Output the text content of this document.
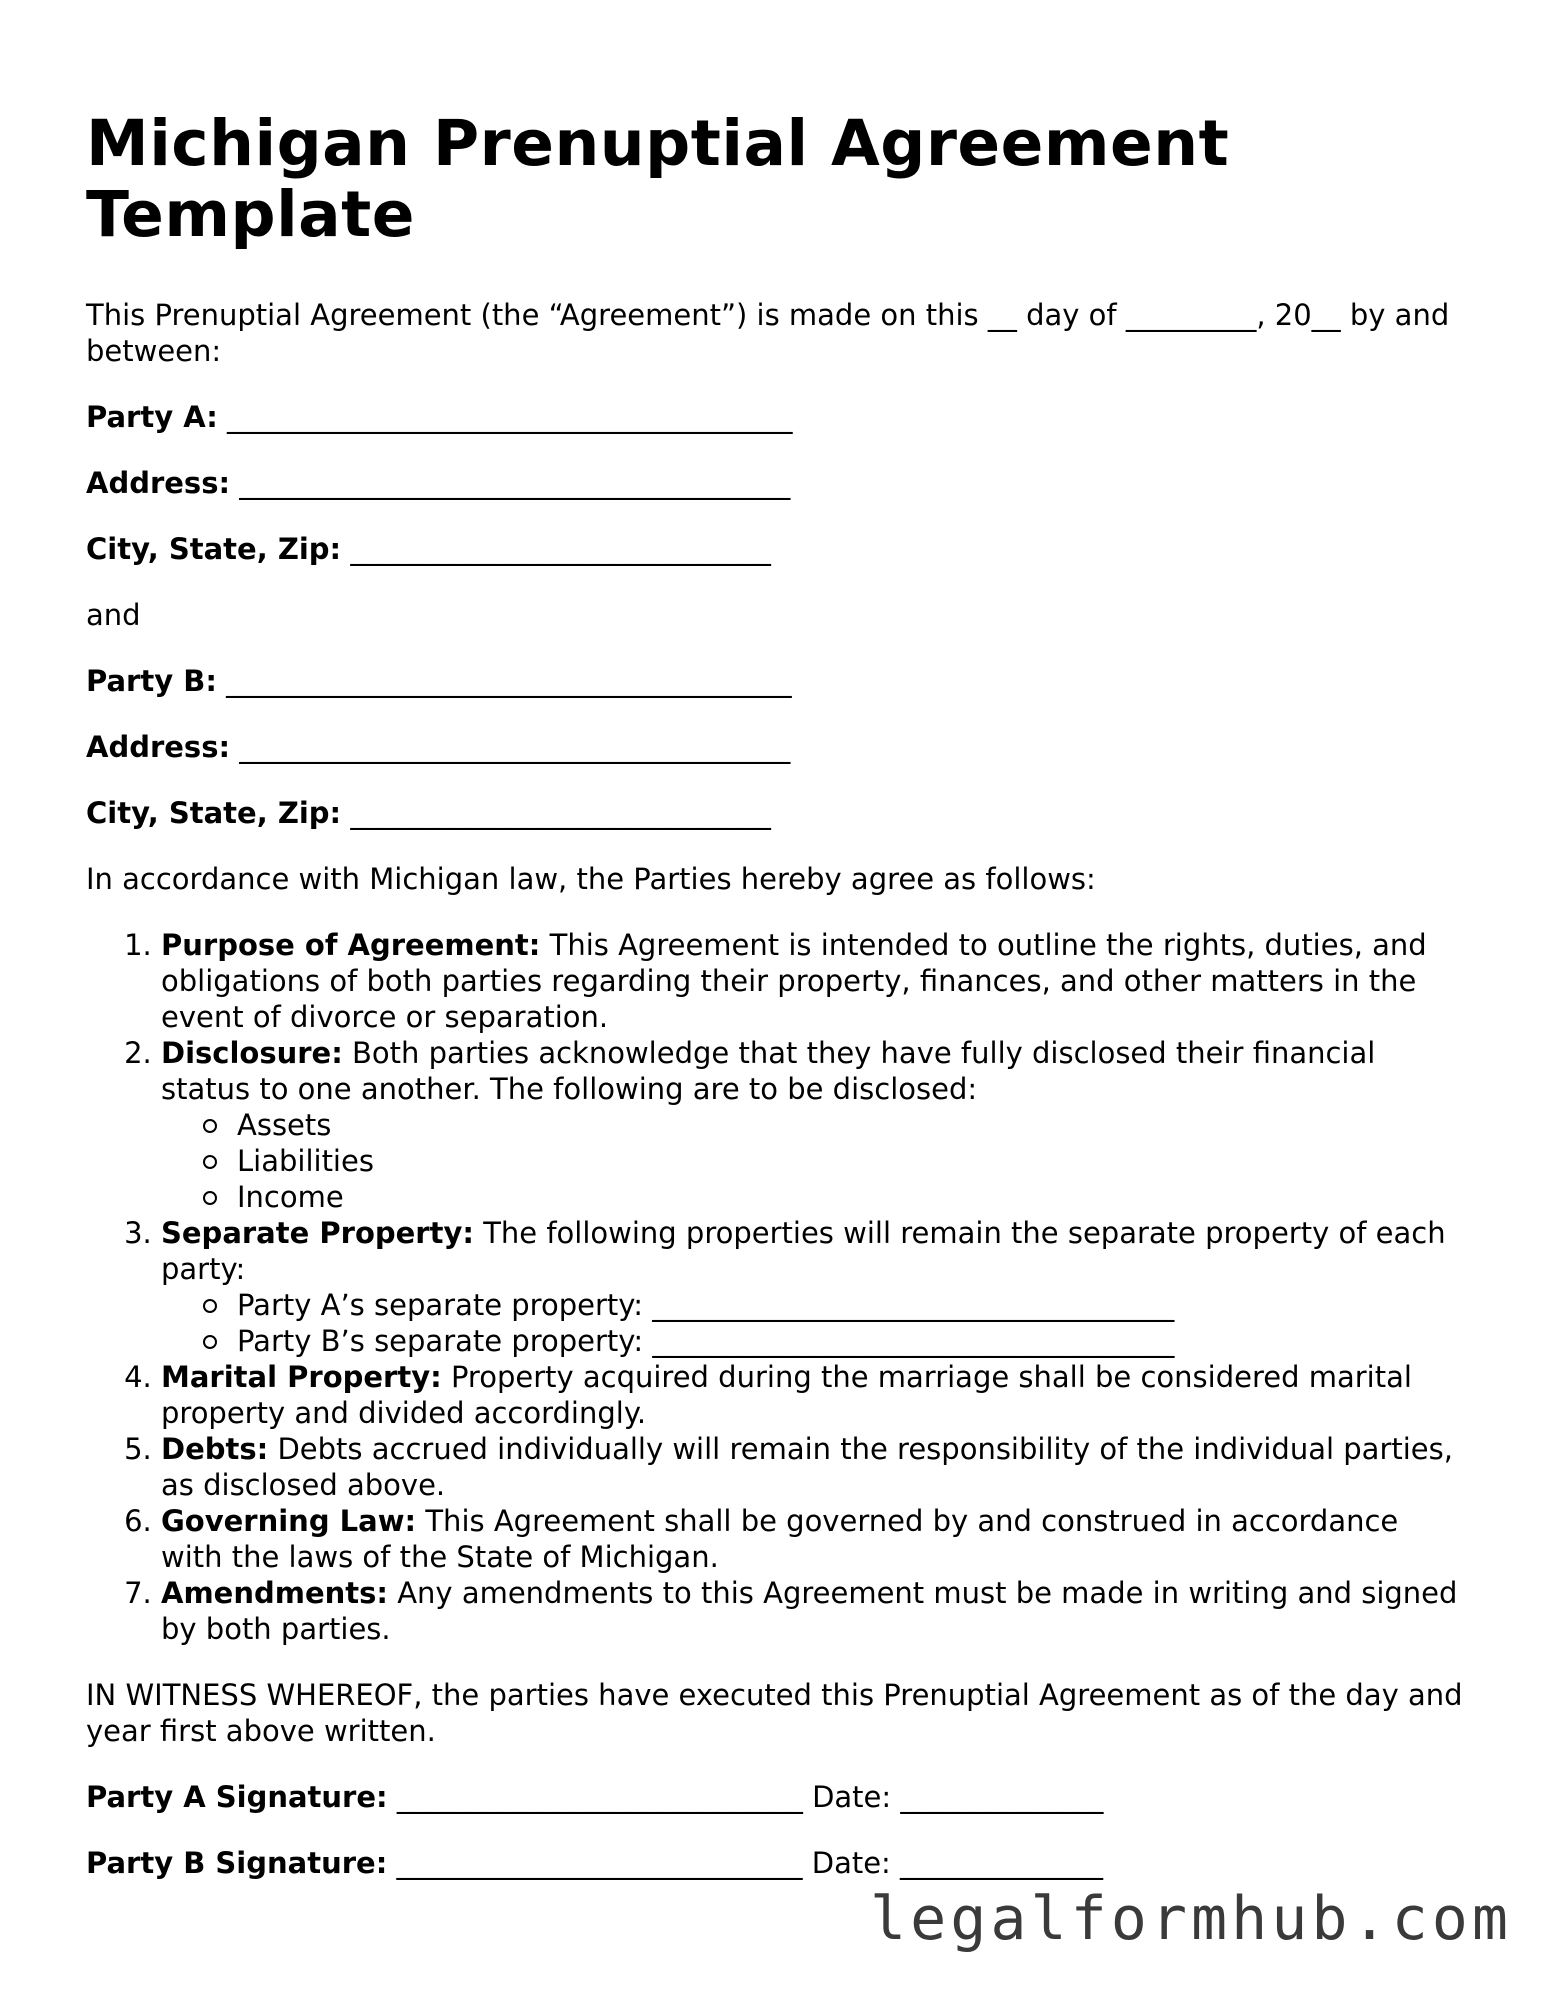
Michigan Prenuptial Agreement
Template

This Prenuptial Agreement (the “Agreement”) is made on this __ day of _________, 20__ by and between:

Party A: _______________________________________
Address: ______________________________________
City, State, Zip: _____________________________

and

Party B: _______________________________________
Address: ______________________________________
City, State, Zip: _____________________________

In accordance with Michigan law, the Parties hereby agree as follows:

1. Purpose of Agreement: This Agreement is intended to outline the rights, duties, and obligations of both parties regarding their property, finances, and other matters in the event of divorce or separation.
2. Disclosure: Both parties acknowledge that they have fully disclosed their financial status to one another. The following are to be disclosed:
Assets
Liabilities
Income
3. Separate Property: The following properties will remain the separate property of each party:
Party A’s separate property: ____________________________________
Party B’s separate property: ____________________________________
4. Marital Property: Property acquired during the marriage shall be considered marital property and divided accordingly.
5. Debts: Debts accrued individually will remain the responsibility of the individual parties, as disclosed above.
6. Governing Law: This Agreement shall be governed by and construed in accordance with the laws of the State of Michigan.
7. Amendments: Any amendments to this Agreement must be made in writing and signed by both parties.

IN WITNESS WHEREOF, the parties have executed this Prenuptial Agreement as of the day and year first above written.

Party A Signature: ____________________________ Date: ______________
Party B Signature: ____________________________ Date: ______________
legalformhub.com
